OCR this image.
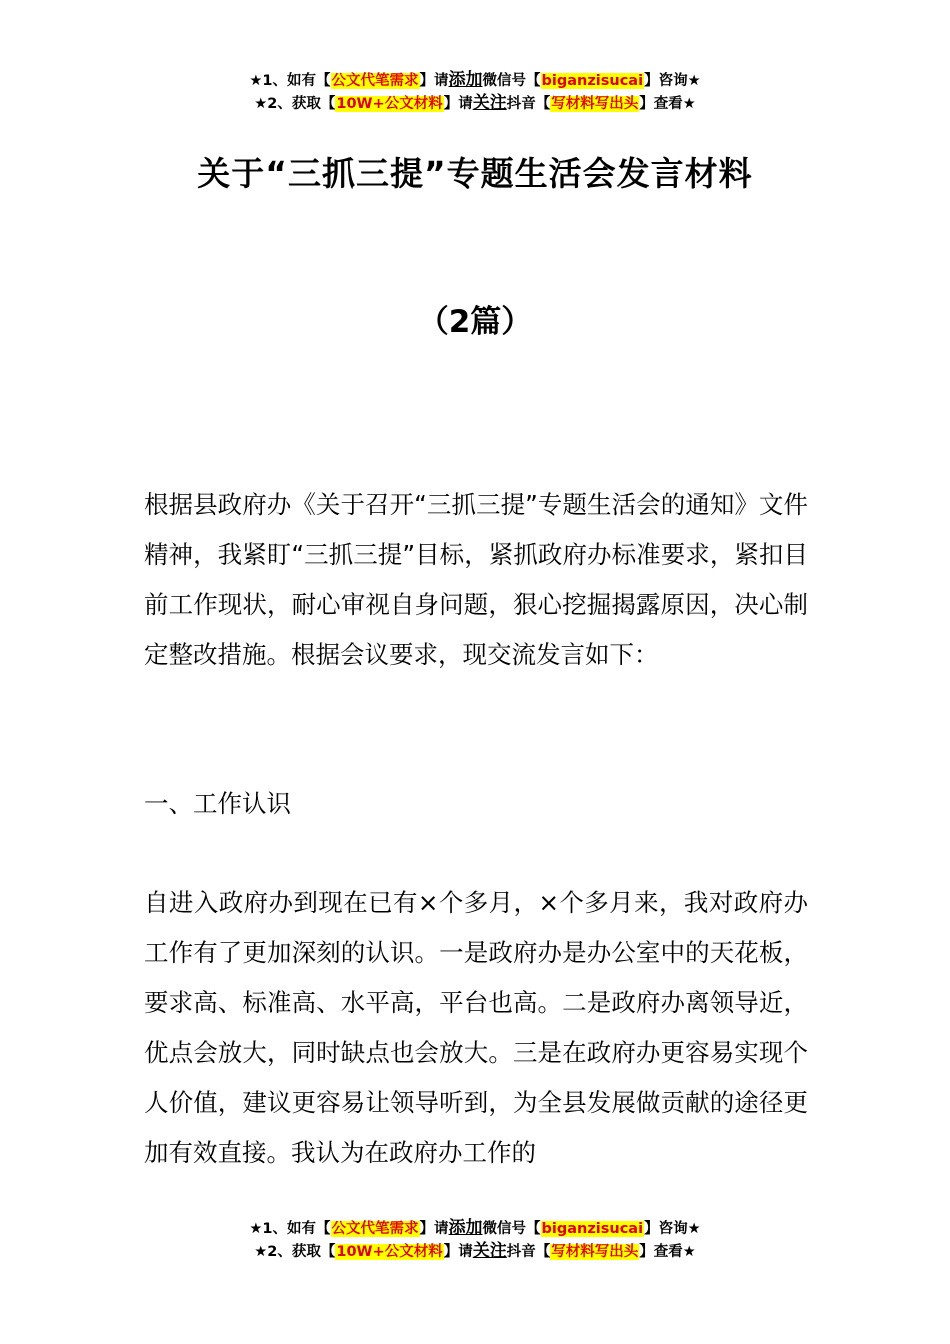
★1、如有【公文代笔需求】请添加微信号【biganzisucai】咨询★
★2、获取【10W+公文材料】请关注抖音【写材料写出头】查看★
关于“三抓三提”专题生活会发言材料
（2篇）

根据县政府办《关于召开“三抓三提”专题生活会的通知》文件精神，我紧盯“三抓三提”目标，紧抓政府办标准要求，紧扣目前工作现状，耐心审视自身问题，狠心挖掘揭露原因，决心制定整改措施。根据会议要求，现交流发言如下：

一、工作认识

自进入政府办到现在已有×个多月，×个多月来，我对政府办工作有了更加深刻的认识。一是政府办是办公室中的天花板，要求高、标准高、水平高，平台也高。二是政府办离领导近，优点会放大，同时缺点也会放大。三是在政府办更容易实现个人价值，建议更容易让领导听到，为全县发展做贡献的途径更加有效直接。我认为在政府办工作的

★1、如有【公文代笔需求】请添加微信号【biganzisucai】咨询★
★2、获取【10W+公文材料】请关注抖音【写材料写出头】查看★
